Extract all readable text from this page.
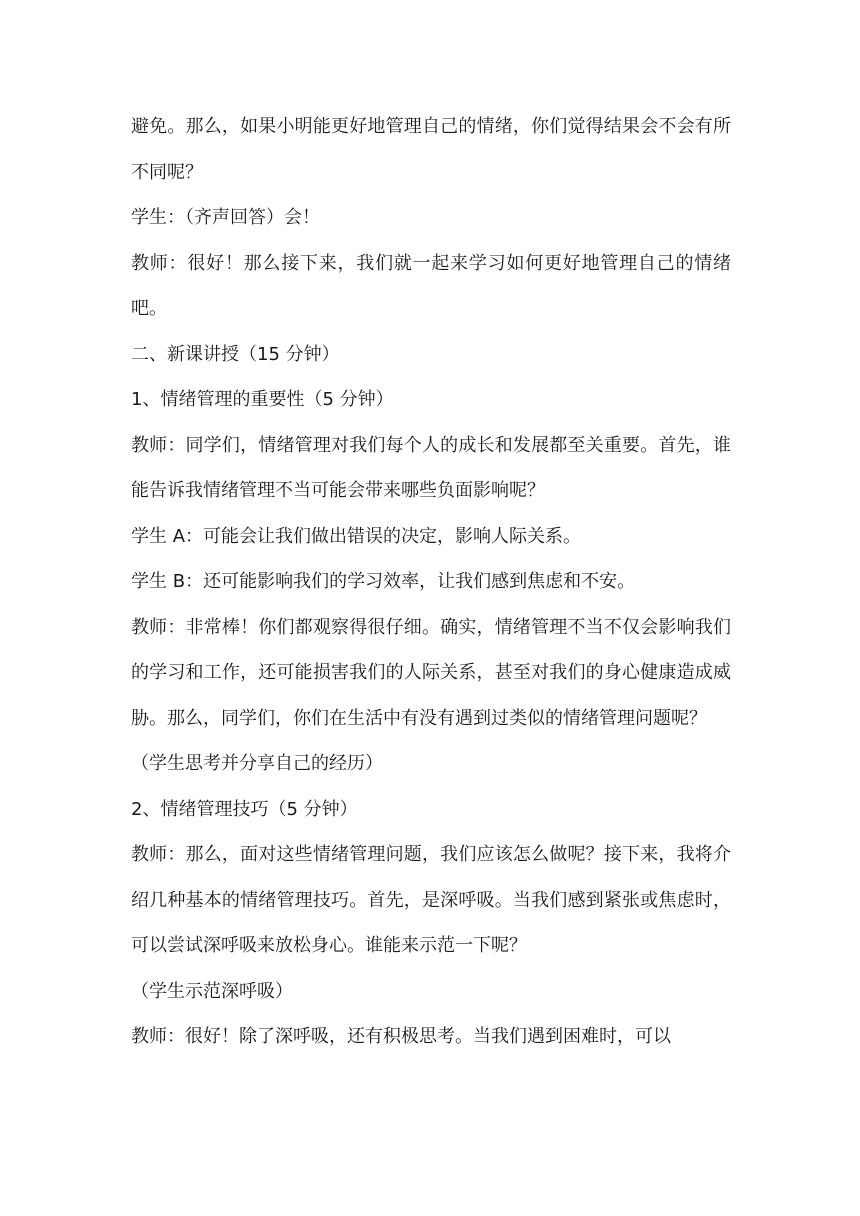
避免。那么，如果小明能更好地管理自己的情绪，你们觉得结果会不会有所不同呢？

学生：（齐声回答）会！

教师：很好！那么接下来，我们就一起来学习如何更好地管理自己的情绪吧。

二、新课讲授（15 分钟）

1、情绪管理的重要性（5 分钟）

教师：同学们，情绪管理对我们每个人的成长和发展都至关重要。首先，谁能告诉我情绪管理不当可能会带来哪些负面影响呢？

学生 A：可能会让我们做出错误的决定，影响人际关系。

学生 B：还可能影响我们的学习效率，让我们感到焦虑和不安。

教师：非常棒！你们都观察得很仔细。确实，情绪管理不当不仅会影响我们的学习和工作，还可能损害我们的人际关系，甚至对我们的身心健康造成威胁。那么，同学们，你们在生活中有没有遇到过类似的情绪管理问题呢？

（学生思考并分享自己的经历）

2、情绪管理技巧（5 分钟）

教师：那么，面对这些情绪管理问题，我们应该怎么做呢？接下来，我将介绍几种基本的情绪管理技巧。首先，是深呼吸。当我们感到紧张或焦虑时，可以尝试深呼吸来放松身心。谁能来示范一下呢？

（学生示范深呼吸）

教师：很好！除了深呼吸，还有积极思考。当我们遇到困难时，可以
